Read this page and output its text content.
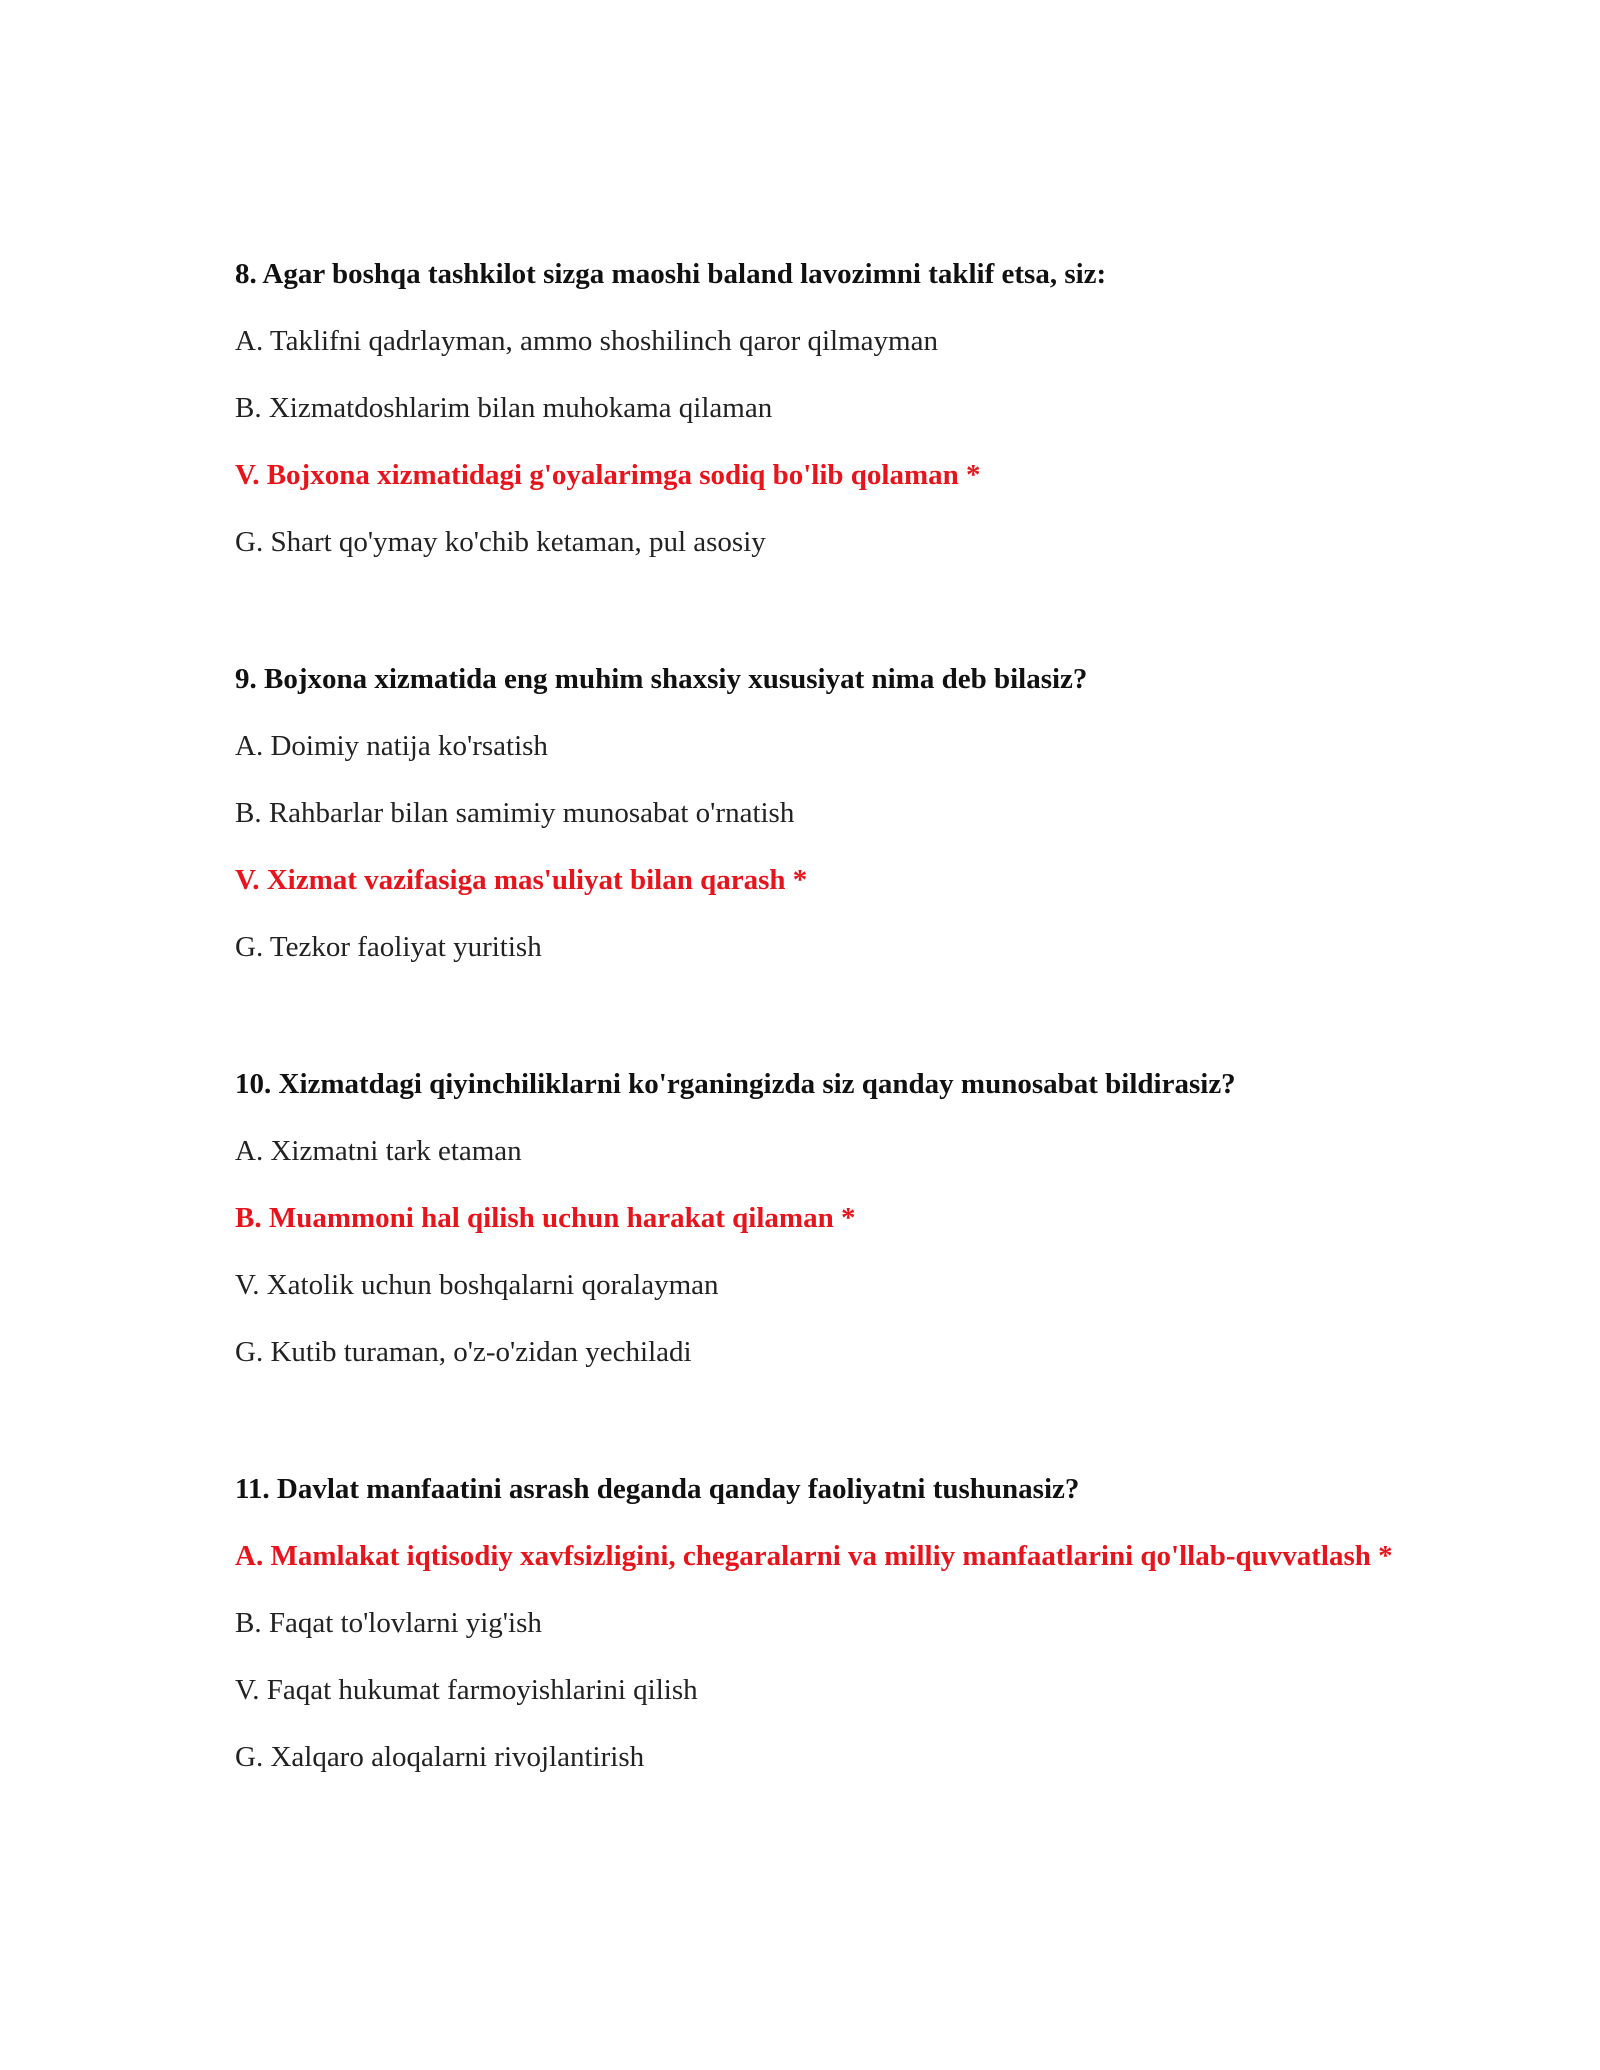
8. Agar boshqa tashkilot sizga maoshi baland lavozimni taklif etsa, siz:
A. Taklifni qadrlayman, ammo shoshilinch qaror qilmayman
B. Xizmatdoshlarim bilan muhokama qilaman
V. Bojxona xizmatidagi g'oyalarimga sodiq bo'lib qolaman *
G. Shart qo'ymay ko'chib ketaman, pul asosiy
9. Bojxona xizmatida eng muhim shaxsiy xususiyat nima deb bilasiz?
A. Doimiy natija ko'rsatish
B. Rahbarlar bilan samimiy munosabat o'rnatish
V. Xizmat vazifasiga mas'uliyat bilan qarash *
G. Tezkor faoliyat yuritish
10. Xizmatdagi qiyinchiliklarni ko'rganingizda siz qanday munosabat bildirasiz?
A. Xizmatni tark etaman
B. Muammoni hal qilish uchun harakat qilaman *
V. Xatolik uchun boshqalarni qoralayman
G. Kutib turaman, o'z-o'zidan yechiladi
11. Davlat manfaatini asrash deganda qanday faoliyatni tushunasiz?
A. Mamlakat iqtisodiy xavfsizligini, chegaralarni va milliy manfaatlarini qo'llab-quvvatlash *
B. Faqat to'lovlarni yig'ish
V. Faqat hukumat farmoyishlarini qilish
G. Xalqaro aloqalarni rivojlantirish
